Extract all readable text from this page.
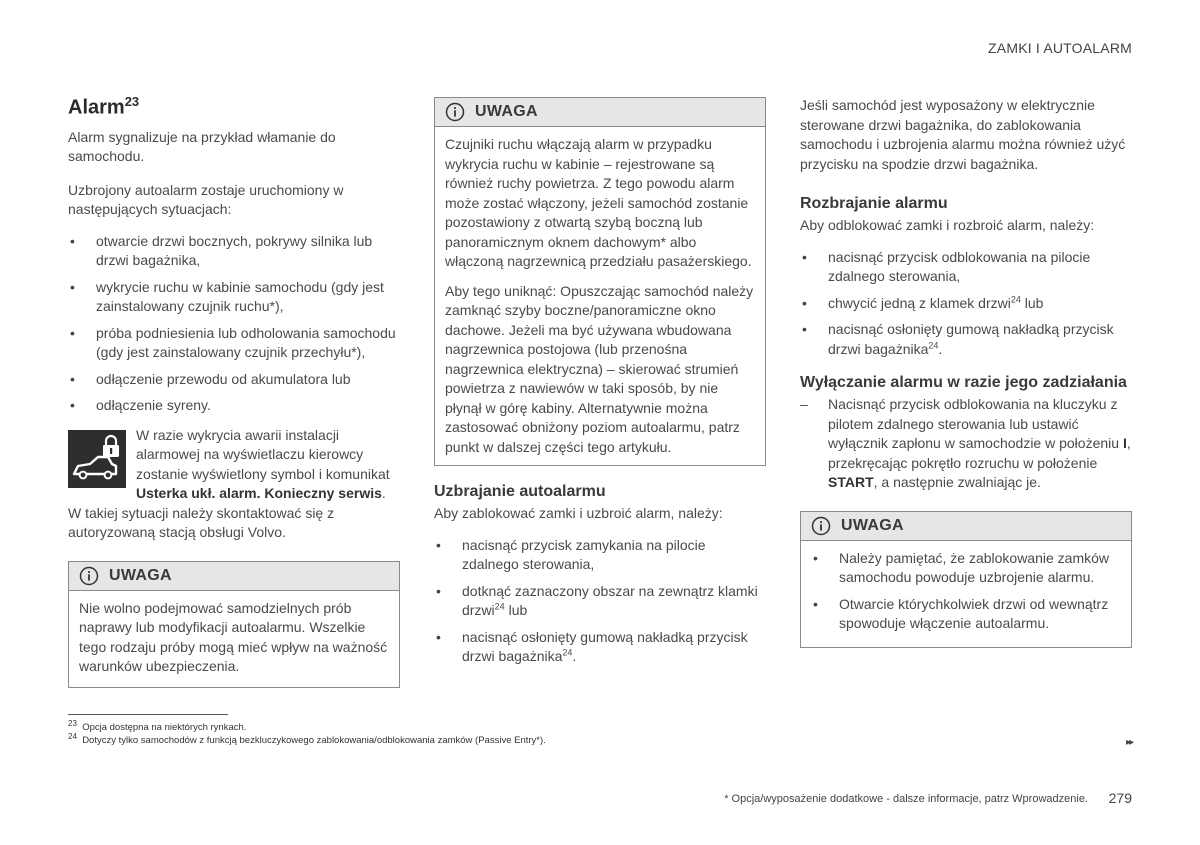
ZAMKI I AUTOALARM
Alarm$^{23}$

Alarm sygnalizuje na przykład włamanie do samochodu.

Uzbrojony autoalarm zostaje uruchomiony w następujących sytuacjach:

• otwarcie drzwi bocznych, pokrywy silnika lub drzwi bagażnika,
• wykrycie ruchu w kabinie samochodu (gdy jest zainstalowany czujnik ruchu*),
• próba podniesienia lub odholowania samochodu (gdy jest zainstalowany czujnik przechyłu*),
• odłączenie przewodu od akumulatora lub
• odłączenie syreny.

W razie wykrycia awarii instalacji alarmowej na wyświetlaczu kierowcy zostanie wyświetlony symbol i komunikat Usterka ukł. alarm. Konieczny serwis. W takiej sytuacji należy skontaktować się z autoryzowaną stacją obsługi Volvo.

UWAGA

Nie wolno podejmować samodzielnych prób naprawy lub modyfikacji autoalarmu. Wszelkie tego rodzaju próby mogą mieć wpływ na ważność warunków ubezpieczenia.

UWAGA

Czujniki ruchu włączają alarm w przypadku wykrycia ruchu w kabinie – rejestrowane są również ruchy powietrza. Z tego powodu alarm może zostać włączony, jeżeli samochód zostanie pozostawiony z otwartą szybą boczną lub panoramicznym oknem dachowym* albo włączoną nagrzewnicą przedziału pasażerskiego.

Aby tego uniknąć: Opuszczając samochód należy zamknąć szyby boczne/panoramiczne okno dachowe. Jeżeli ma być używana wbudowana nagrzewnica postojowa (lub przenośna nagrzewnica elektryczna) – skierować strumień powietrza z nawiewów w taki sposób, by nie płynął w górę kabiny. Alternatywnie można zastosować obniżony poziom autoalarmu, patrz punkt w dalszej części tego artykułu.

Uzbrajanie autoalarmu

Aby zablokować zamki i uzbroić alarm, należy:

• nacisnąć przycisk zamykania na pilocie zdalnego sterowania,
• dotknąć zaznaczony obszar na zewnątrz klamki drzwi$^{24}$ lub
• nacisnąć osłonięty gumową nakładką przycisk drzwi bagażnika$^{24}$.

Jeśli samochód jest wyposażony w elektrycznie sterowane drzwi bagażnika, do zablokowania samochodu i uzbrojenia alarmu można również użyć przycisku na spodzie drzwi bagażnika.

Rozbrajanie alarmu

Aby odblokować zamki i rozbroić alarm, należy:

• nacisnąć przycisk odblokowania na pilocie zdalnego sterowania,
• chwycić jedną z klamek drzwi$^{24}$ lub
• nacisnąć osłonięty gumową nakładką przycisk drzwi bagażnika$^{24}$.
Wyłączanie alarmu w razie jego zadziałania
– Nacisnąć przycisk odblokowania na kluczyku z pilotem zdalnego sterowania lub ustawić wyłącznik zapłonu w samochodzie w położeniu I, przekręcając pokrętło rozruchu w położenie START, a następnie zwalniając je.
UWAGA
• Należy pamiętać, że zablokowanie zamków samochodu powoduje uzbrojenie alarmu.
• Otwarcie którychkolwiek drzwi od wewnątrz spowoduje włączenie autoalarmu.
$^{23}$ Opcja dostępna na niektórych rynkach.
$^{24}$ Dotyczy tylko samochodów z funkcją bezkluczykowego zablokowania/odblokowania zamków (Passive Entry*).	▸▸
* Opcja/wyposażenie dodatkowe - dalsze informacje, patrz Wprowadzenie. 279
